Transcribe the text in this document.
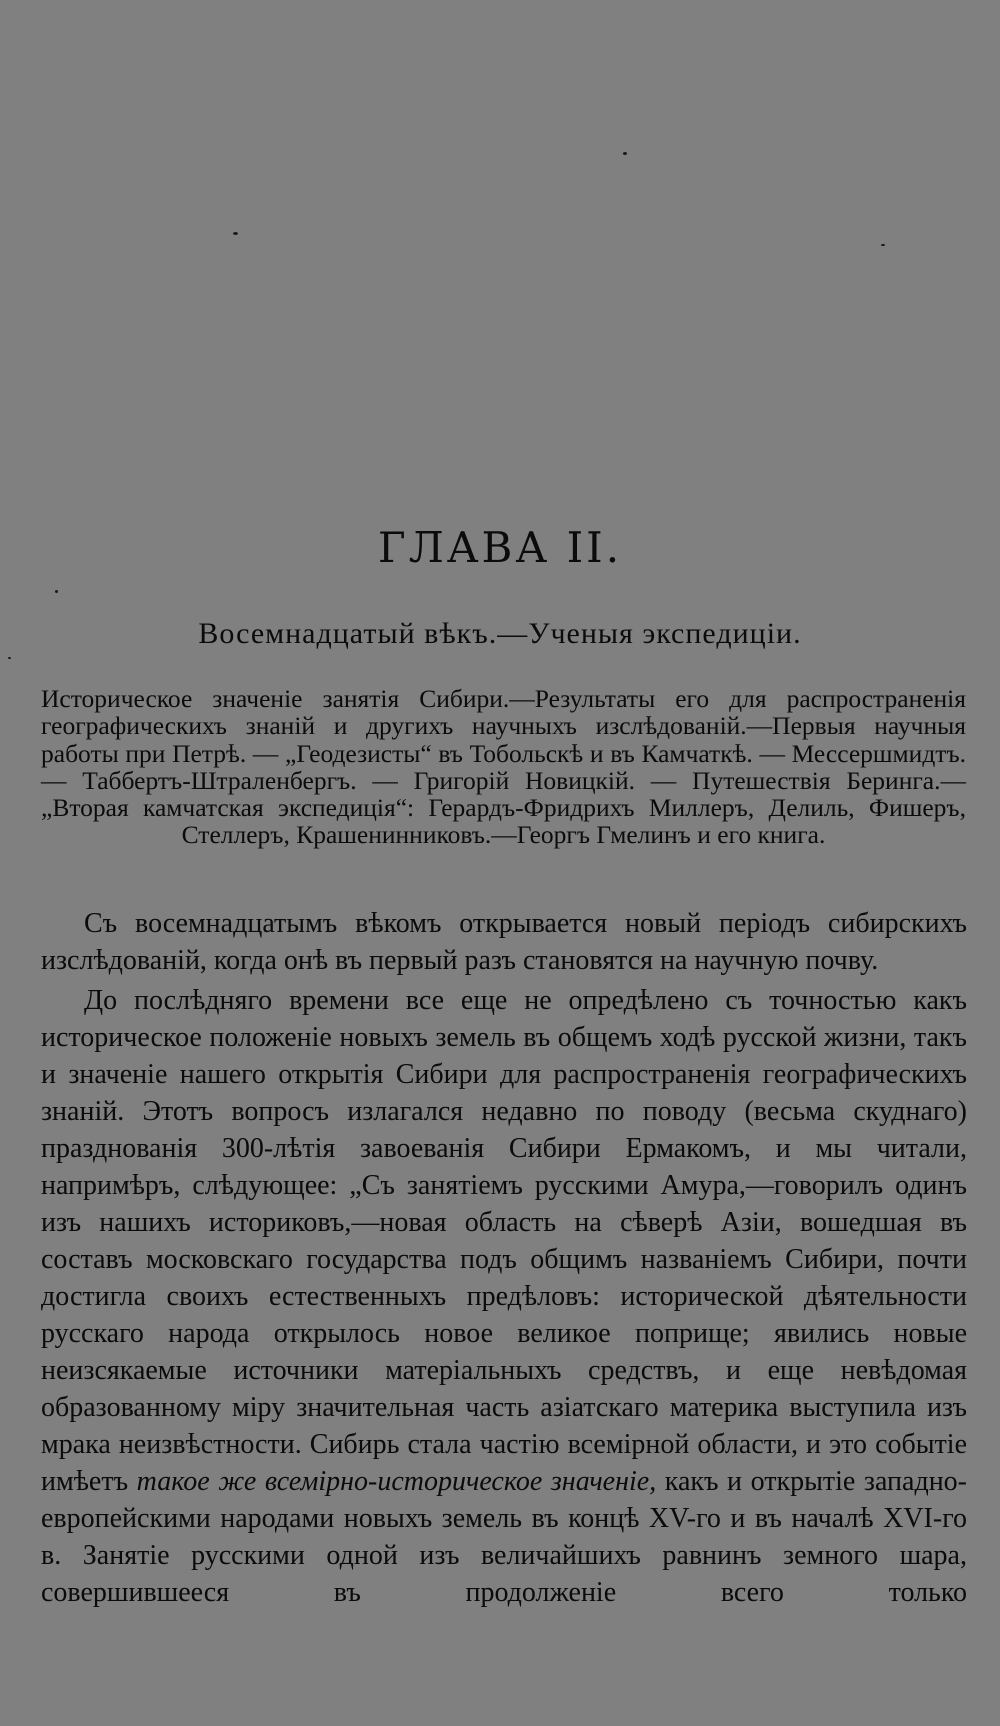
ГЛАВА II.
Восемнадцатый вѣкъ.—Ученыя экспедиціи.

Историческое значеніе занятія Сибири.—Результаты его для распространенія географическихъ знаній и другихъ научныхъ изслѣдованій.—Первыя научныя работы при Петрѣ. — „Геодезисты“ въ Тобольскѣ и въ Камчаткѣ. — Мессершмидтъ. — Таббертъ-Штраленбергъ. — Григорій Новицкій. — Путешествія Беринга.—„Вторая камчатская экспедиція“: Герардъ-Фридрихъ Миллеръ, Делиль, Фишеръ, Стеллеръ, Крашенинниковъ.—Георгъ Гмелинъ и его книга.

Съ восемнадцатымъ вѣкомъ открывается новый періодъ сибирскихъ изслѣдованій, когда онѣ въ первый разъ становятся на научную почву.

До послѣдняго времени все еще не опредѣлено съ точностью какъ историческое положеніе новыхъ земель въ общемъ ходѣ русской жизни, такъ и значеніе нашего открытія Сибири для распространенія географическихъ знаній. Этотъ вопросъ излагался недавно по поводу (весьма скуднаго) празднованія 300-лѣтія завоеванія Сибири Ермакомъ, и мы читали, напримѣръ, слѣдующее: „Съ занятіемъ русскими Амура,—говорилъ одинъ изъ нашихъ историковъ,—новая область на сѣверѣ Азіи, вошедшая въ составъ московскаго государства подъ общимъ названіемъ Сибири, почти достигла своихъ естественныхъ предѣловъ: исторической дѣятельности русскаго народа открылось новое великое поприще; явились новые неизсякаемые источники матеріальныхъ средствъ, и еще невѣдомая образованному міру значительная часть азіатскаго материка выступила изъ мрака неизвѣстности. Сибирь стала частію всемірной области, и это событіе имѣетъ такое же всемірно-историческое значеніе, какъ и открытіе западно-европейскими народами новыхъ земель въ концѣ XV-го и въ началѣ XVI-го в. Занятіе русскими одной изъ величайшихъ равнинъ земного шара, совершившееся въ продолженіе всего только
